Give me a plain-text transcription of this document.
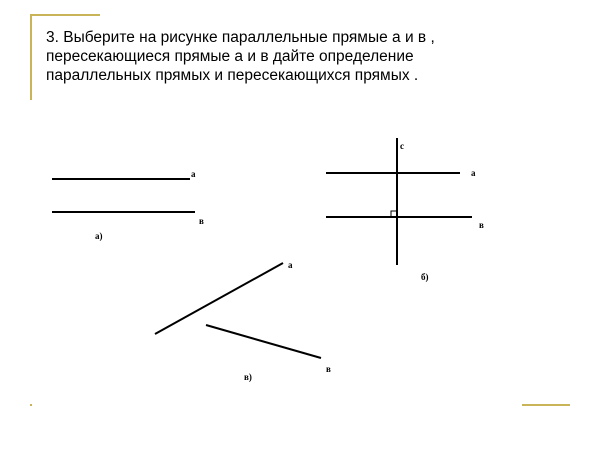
3. Выберите на рисунке параллельные прямые а и в ,
пересекающиеся прямые а и в дайте определение
параллельных прямых и пересекающихся прямых .
а
в
а)
с
а
в
б)
а
в
в)
